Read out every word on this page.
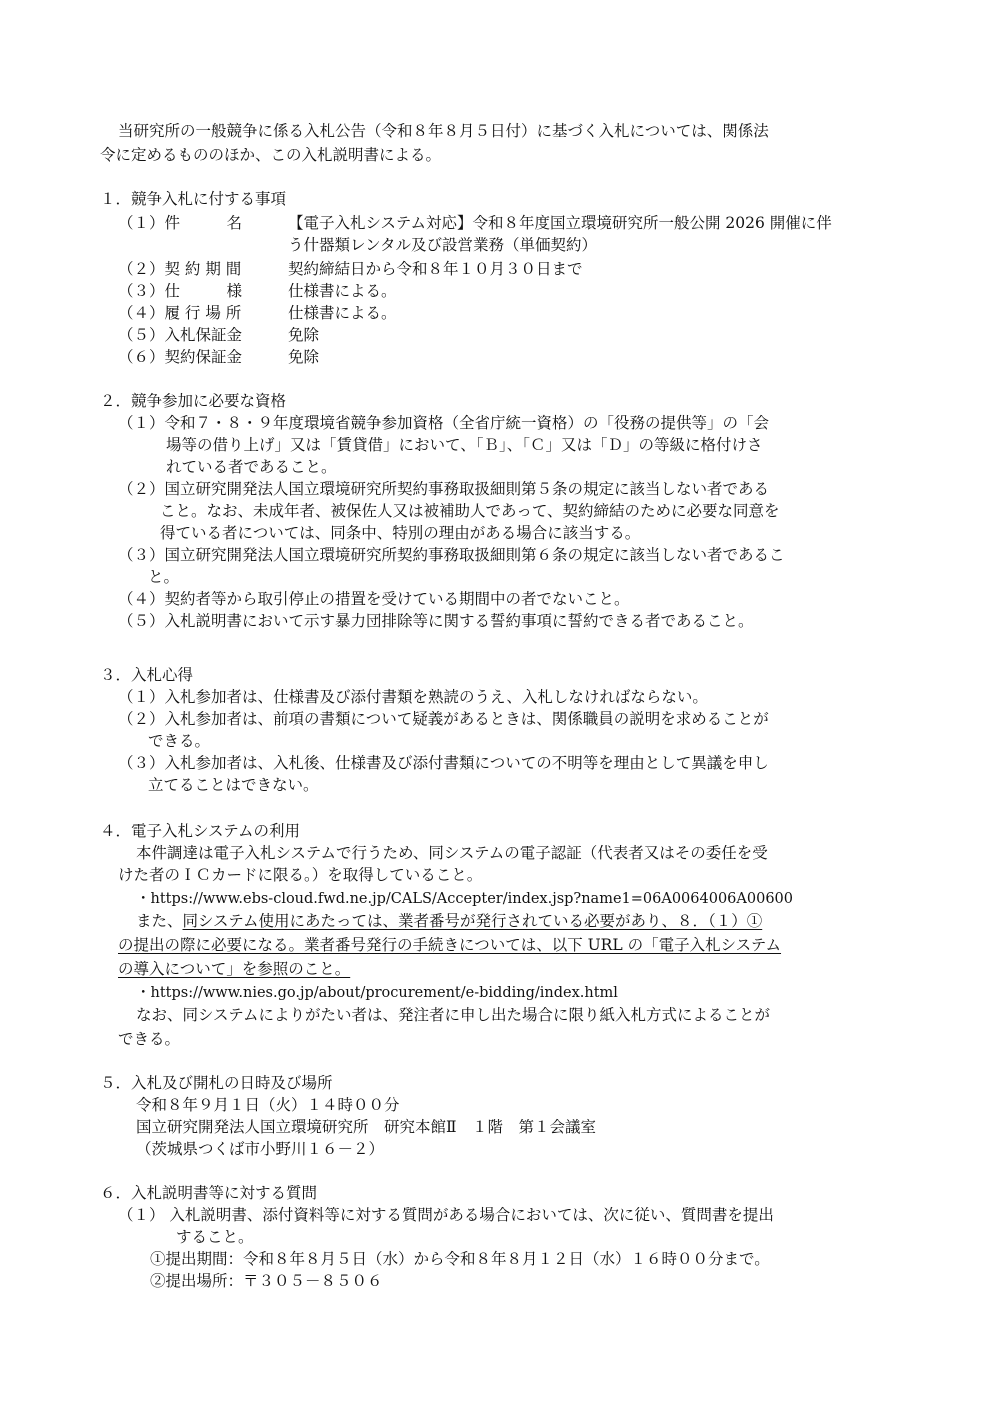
当研究所の一般競争に係る入札公告（令和８年８月５日付）に基づく入札については、関係法
令に定めるもののほか、この入札説明書による。
１．競争入札に付する事項
（１）件　　　名	【電子入札システム対応】令和８年度国立環境研究所一般公開 2026 開催に伴
う什器類レンタル及び設営業務（単価契約）
（２）契 約 期 間	契約締結日から令和８年１０月３０日まで
（３）仕　　　様	仕様書による。
（４）履 行 場 所	仕様書による。
（５）入札保証金	免除
（６）契約保証金	免除
２．競争参加に必要な資格
（１）令和７・８・９年度環境省競争参加資格（全省庁統一資格）の「役務の提供等」の「会
場等の借り上げ」又は「賃貸借」において、「Ｂ」、「Ｃ」又は「Ｄ」の等級に格付けさ
れている者であること。
（２）国立研究開発法人国立環境研究所契約事務取扱細則第５条の規定に該当しない者である
こと。なお、未成年者、被保佐人又は被補助人であって、契約締結のために必要な同意を
得ている者については、同条中、特別の理由がある場合に該当する。
（３）国立研究開発法人国立環境研究所契約事務取扱細則第６条の規定に該当しない者であるこ
と。
（４）契約者等から取引停止の措置を受けている期間中の者でないこと。
（５）入札説明書において示す暴力団排除等に関する誓約事項に誓約できる者であること。
３．入札心得
（１）入札参加者は、仕様書及び添付書類を熟読のうえ、入札しなければならない。
（２）入札参加者は、前項の書類について疑義があるときは、関係職員の説明を求めることが
できる。
（３）入札参加者は、入札後、仕様書及び添付書類についての不明等を理由として異議を申し
立てることはできない。
４．電子入札システムの利用
本件調達は電子入札システムで行うため、同システムの電子認証（代表者又はその委任を受
けた者のＩＣカードに限る。）を取得していること。
・https://www.ebs-cloud.fwd.ne.jp/CALS/Accepter/index.jsp?name1=06A0064006A00600
また、同システム使用にあたっては、業者番号が発行されている必要があり、８．（１）①
の提出の際に必要になる。業者番号発行の手続きについては、以下 URL の「電子入札システム
の導入について」を参照のこと。
・https://www.nies.go.jp/about/procurement/e-bidding/index.html
なお、同システムによりがたい者は、発注者に申し出た場合に限り紙入札方式によることが
できる。
５．入札及び開札の日時及び場所
令和８年９月１日（火）１４時００分
国立研究開発法人国立環境研究所　研究本館Ⅱ　１階　第１会議室
（茨城県つくば市小野川１６－２）
６．入札説明書等に対する質問
（１） 入札説明書、添付資料等に対する質問がある場合においては、次に従い、質問書を提出
すること。
①提出期間：令和８年８月５日（水）から令和８年８月１２日（水）１６時００分まで。
②提出場所：〒３０５－８５０６
